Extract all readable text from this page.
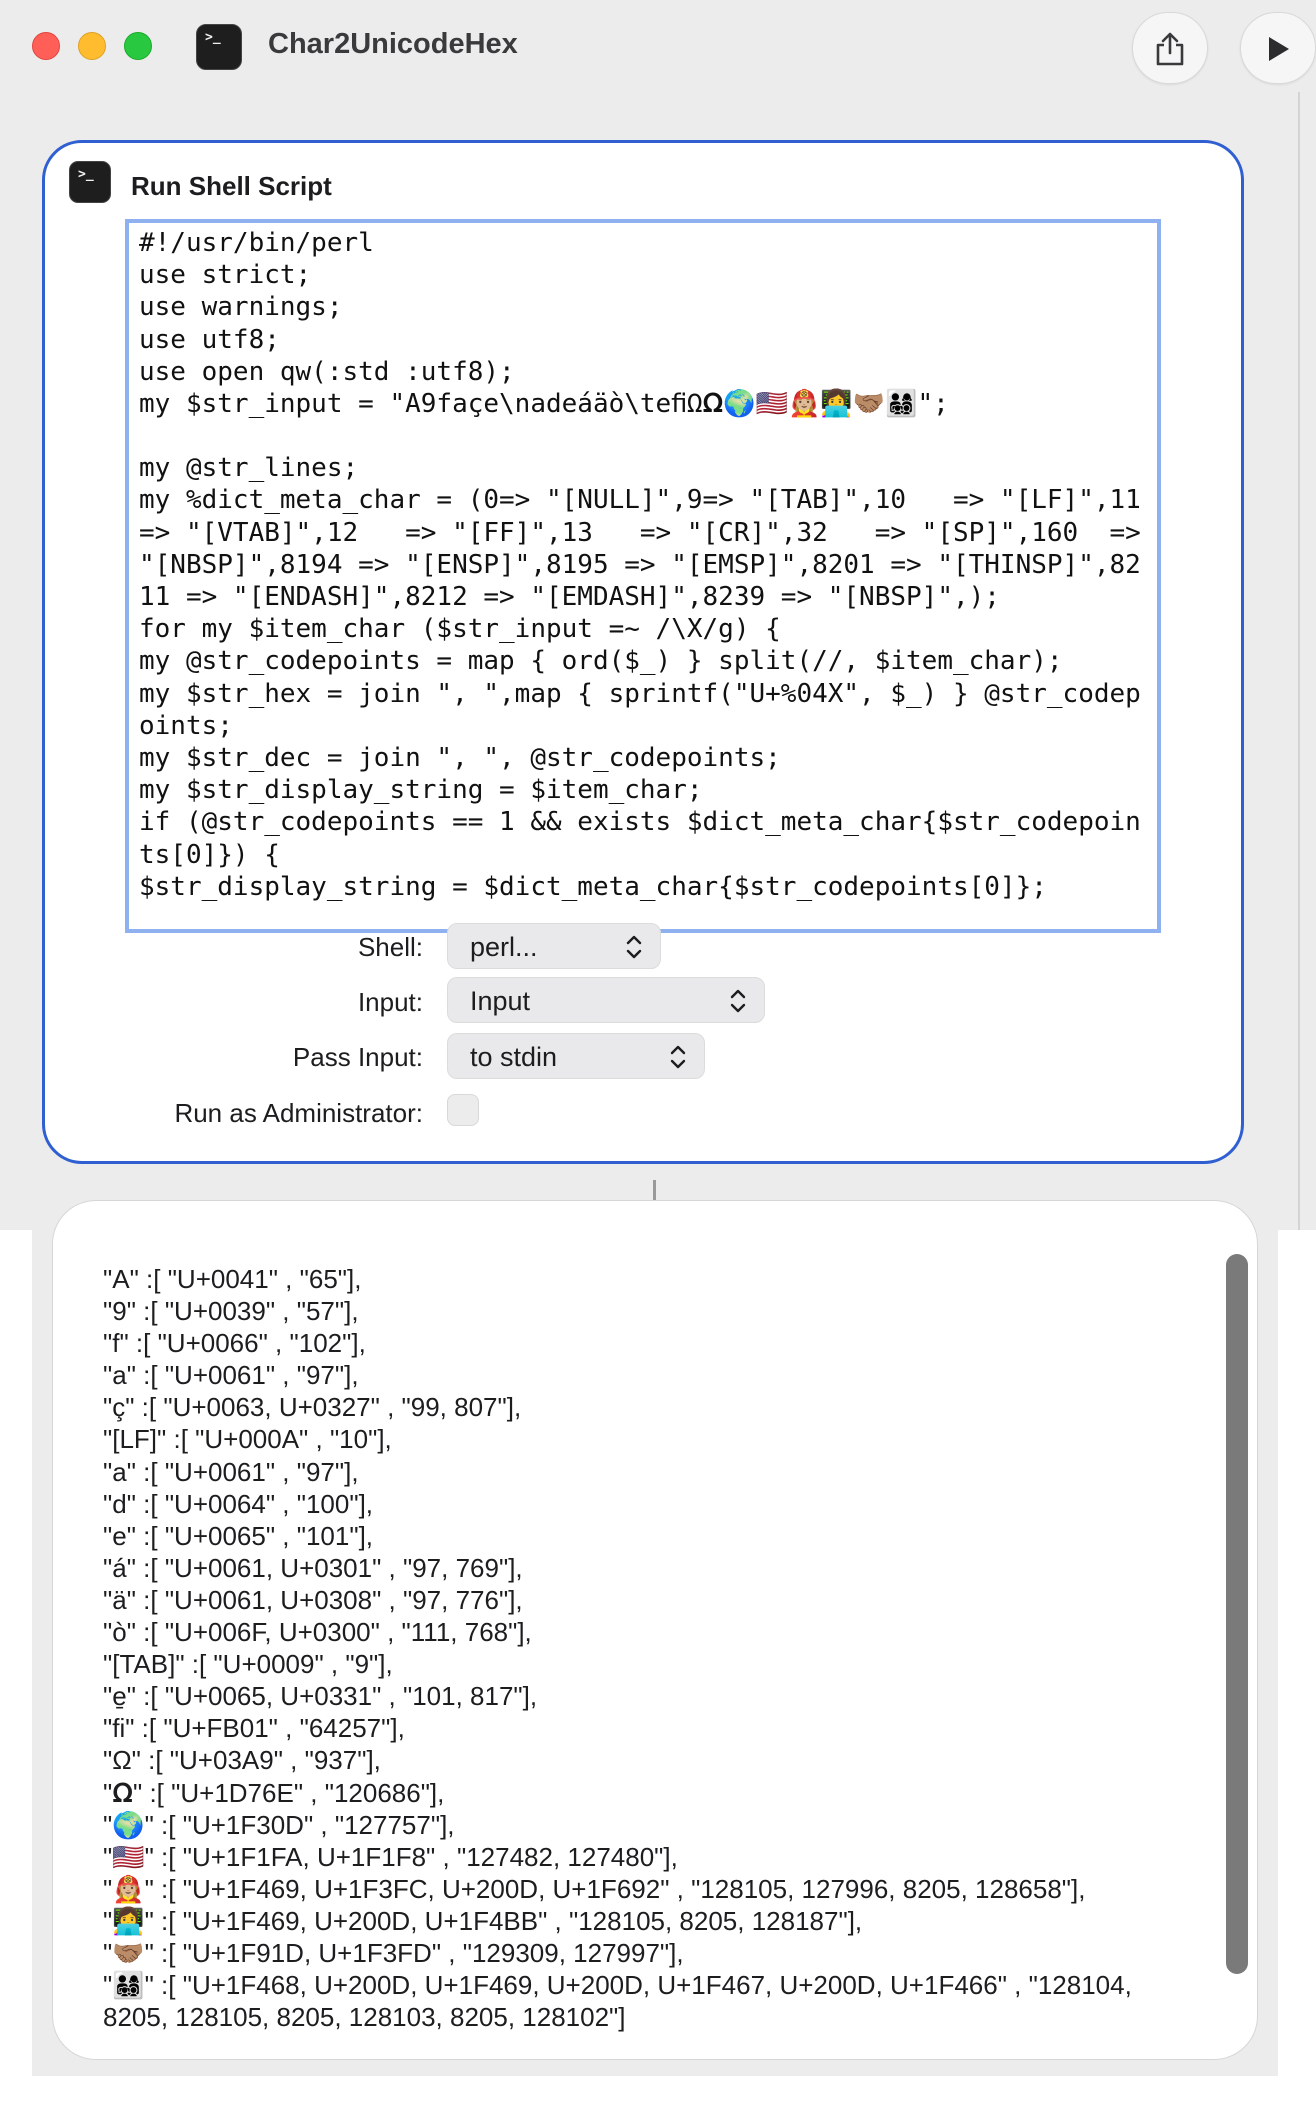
>_
Char2UnicodeHex
>_
Run Shell Script
#!/usr/bin/perl
use strict;
use warnings;
use utf8;
use open qw(:std :utf8);
my $str_input = "A9façe\nadeáäò\teﬁΩ𝛀🌍🇺🇸👩🏼‍🚒👩‍💻🤝🏽👨‍👩‍👧‍👦";
my @str_lines;
my %dict_meta_char = (0=> "[NULL]",9=> "[TAB]",10   => "[LF]",11   => "[VTAB]",12   => "[FF]",13   => "[CR]",32   => "[SP]",160  => "[NBSP]",8194 => "[ENSP]",8195 => "[EMSP]",8201 => "[THINSP]",8211 => "[ENDASH]",8212 => "[EMDASH]",8239 => "[NBSP]",);
for my $item_char ($str_input =~ /\X/g) {
my @str_codepoints = map { ord($_) } split(//, $item_char);
my $str_hex = join ", ",map { sprintf("U+%04X", $_) } @str_codepoints;
my $str_dec = join ", ", @str_codepoints;
my $str_display_string = $item_char;
if (@str_codepoints == 1 && exists $dict_meta_char{$str_codepoints[0]}) {
$str_display_string = $dict_meta_char{$str_codepoints[0]};
Shell:	perl...
Input:	Input
Pass Input:	to stdin
Run as Administrator:
"A" :[ "U+0041" , "65"],
"9" :[ "U+0039" , "57"],
"f" :[ "U+0066" , "102"],
"a" :[ "U+0061" , "97"],
"ç" :[ "U+0063, U+0327" , "99, 807"],
"[LF]" :[ "U+000A" , "10"],
"a" :[ "U+0061" , "97"],
"d" :[ "U+0064" , "100"],
"e" :[ "U+0065" , "101"],
"á" :[ "U+0061, U+0301" , "97, 769"],
"ä" :[ "U+0061, U+0308" , "97, 776"],
"ò" :[ "U+006F, U+0300" , "111, 768"],
"[TAB]" :[ "U+0009" , "9"],
"e̱" :[ "U+0065, U+0331" , "101, 817"],
"ﬁ" :[ "U+FB01" , "64257"],
"Ω" :[ "U+03A9" , "937"],
"𝛀" :[ "U+1D76E" , "120686"],
"🌍" :[ "U+1F30D" , "127757"],
"🇺🇸" :[ "U+1F1FA, U+1F1F8" , "127482, 127480"],
"👩🏼‍🚒" :[ "U+1F469, U+1F3FC, U+200D, U+1F692" , "128105, 127996, 8205, 128658"],
"👩‍💻" :[ "U+1F469, U+200D, U+1F4BB" , "128105, 8205, 128187"],
"🤝🏽" :[ "U+1F91D, U+1F3FD" , "129309, 127997"],
"👨‍👩‍👧‍👦" :[ "U+1F468, U+200D, U+1F469, U+200D, U+1F467, U+200D, U+1F466" , "128104, 8205, 128105, 8205, 128103, 8205, 128102"]
